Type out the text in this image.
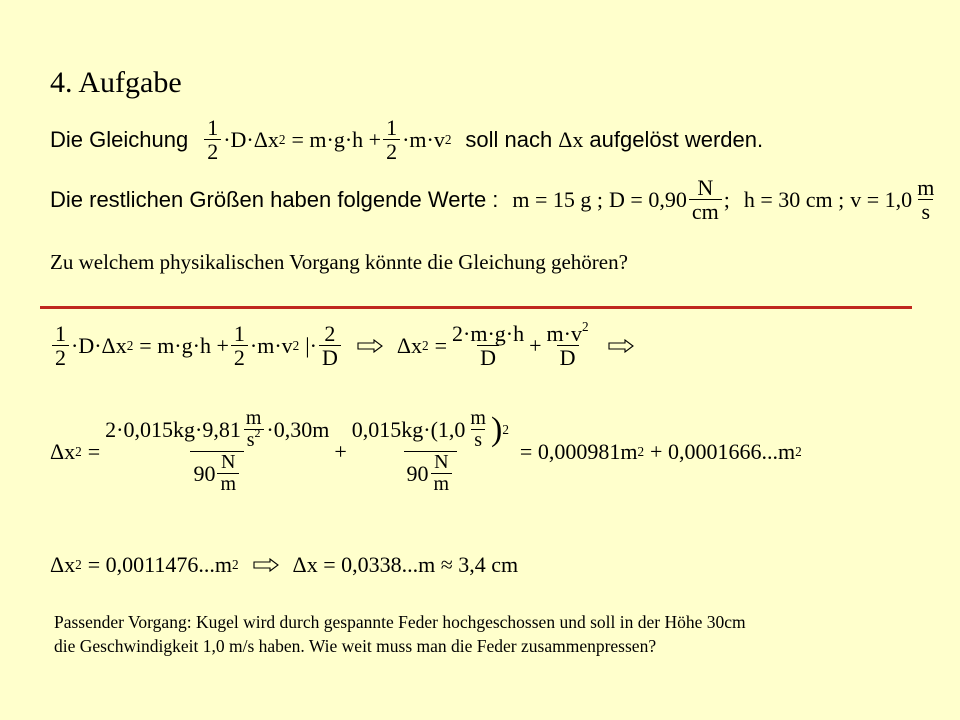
4. Aufgabe
Die Gleichung $\frac{1}{2} \cdot D\cdot\Delta x$ $2 = m\cdot g\cdot h + \frac{1}{2} \cdot m\cdot v$ 2 soll nach Δx aufgelöst werden.
Die restlichen Größen haben folgende Werte : m = 15 g ; $D = 0,90 \frac{N}{cm}$ ; h = 30 cm ; $v = 1,0 \frac{m}{s}$
Zu welchem physikalischen Vorgang könnte die Gleichung gehören?
$\frac{1}{2} \cdot D\cdot\Delta x$ $2 = m\cdot g\cdot h + \frac{1}{2} \cdot m\cdot v$ 2 |· $\frac{2}{D}$	Δx $2 = \frac{2\cdot m\cdot g\cdot h}{D} + \frac{m\cdot v^2}{D}$
Δx 2 =
$2\cdot 0,015kg\cdot 9,81 \frac{m}{s^2} \cdot 0,30m$
$90 \frac{N}{m}$
+ $\frac{0,015kg\cdot(1,0 \frac{m}{s} ) 2}{90 \frac{N}{m}} = 0,000981m$ 2 + 0,0001666...m 2
Δx 2 = 0,0011476...m 2 Δx = 0,0338...m ≈ 3,4 cm
Passender Vorgang: Kugel wird durch gespannte Feder hochgeschossen und soll in der Höhe 30cm
die Geschwindigkeit 1,0 m/s haben. Wie weit muss man die Feder zusammenpressen?
